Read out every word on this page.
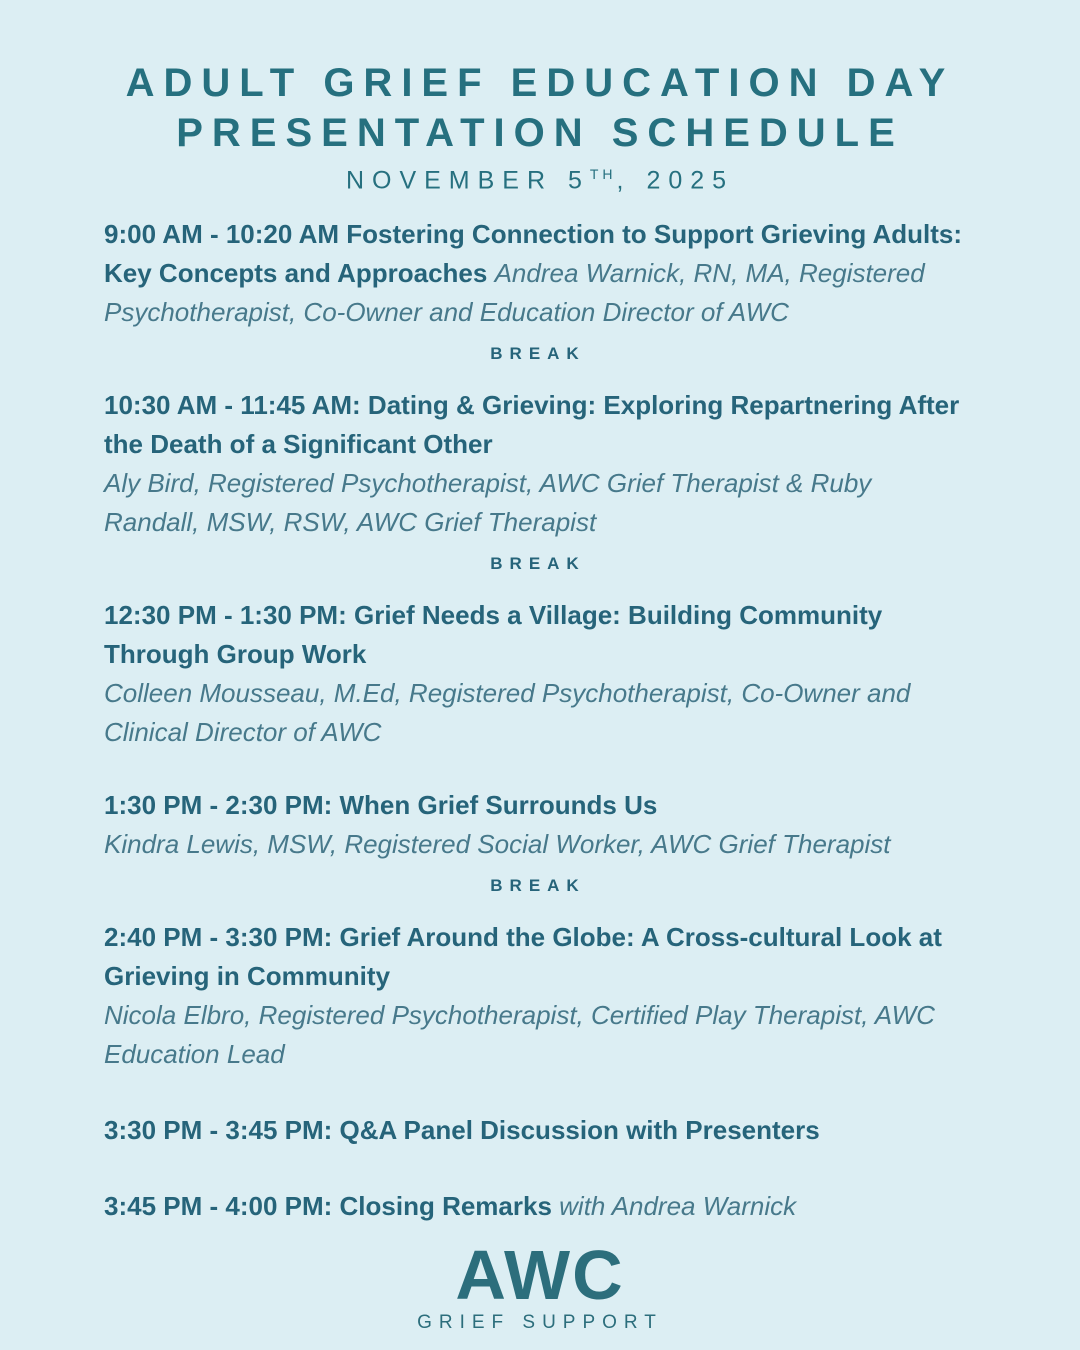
ADULT GRIEF EDUCATION DAY
PRESENTATION SCHEDULE
NOVEMBER 5TH, 2025

9:00 AM - 10:20 AM Fostering Connection to Support Grieving Adults: Key Concepts and Approaches Andrea Warnick, RN, MA, Registered Psychotherapist, Co-Owner and Education Director of AWC

BREAK

10:30 AM - 11:45 AM: Dating & Grieving: Exploring Repartnering After the Death of a Significant Other

Aly Bird, Registered Psychotherapist, AWC Grief Therapist & Ruby Randall, MSW, RSW, AWC Grief Therapist

BREAK

12:30 PM - 1:30 PM: Grief Needs a Village: Building Community Through Group Work

Colleen Mousseau, M.Ed, Registered Psychotherapist, Co-Owner and Clinical Director of AWC

1:30 PM - 2:30 PM: When Grief Surrounds Us

Kindra Lewis, MSW, Registered Social Worker, AWC Grief Therapist

BREAK

2:40 PM - 3:30 PM: Grief Around the Globe: A Cross-cultural Look at Grieving in Community

Nicola Elbro, Registered Psychotherapist, Certified Play Therapist, AWC Education Lead

3:30 PM - 3:45 PM: Q&A Panel Discussion with Presenters

3:45 PM - 4:00 PM: Closing Remarks with Andrea Warnick

AWC
GRIEF SUPPORT
